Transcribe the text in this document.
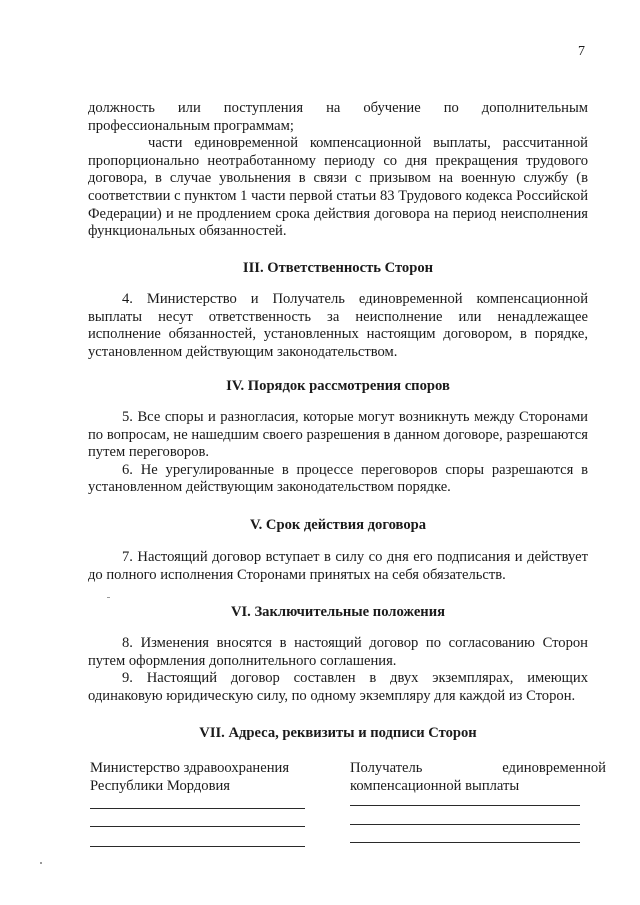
7

должность или поступления на обучение по дополнительным профессиональным программам;

части единовременной компенсационной выплаты, рассчитанной пропорционально неотработанному периоду со дня прекращения трудового договора, в случае увольнения в связи с призывом на военную службу (в соответствии с пунктом 1 части первой статьи 83 Трудового кодекса Российской Федерации) и не продлением срока действия договора на период неисполнения функциональных обязанностей.

III. Ответственность Сторон

4. Министерство и Получатель единовременной компенсационной выплаты несут ответственность за неисполнение или ненадлежащее исполнение обязанностей, установленных настоящим договором, в порядке, установленном действующим законодательством.

IV. Порядок рассмотрения споров

5. Все споры и разногласия, которые могут возникнуть между Сторонами по вопросам, не нашедшим своего разрешения в данном договоре, разрешаются путем переговоров.

6. Не урегулированные в процессе переговоров споры разрешаются в установленном действующим законодательством порядке.

V. Срок действия договора

7. Настоящий договор вступает в силу со дня его подписания и действует до полного исполнения Сторонами принятых на себя обязательств.

VI. Заключительные положения

8. Изменения вносятся в настоящий договор по согласованию Сторон путем оформления дополнительного соглашения.

9. Настоящий договор составлен в двух экземплярах, имеющих одинаковую юридическую силу, по одному экземпляру для каждой из Сторон.

VII. Адреса, реквизиты и подписи Сторон
Министерство здравоохранения
Республики Мордовия
Получатель единовременной
компенсационной выплаты
